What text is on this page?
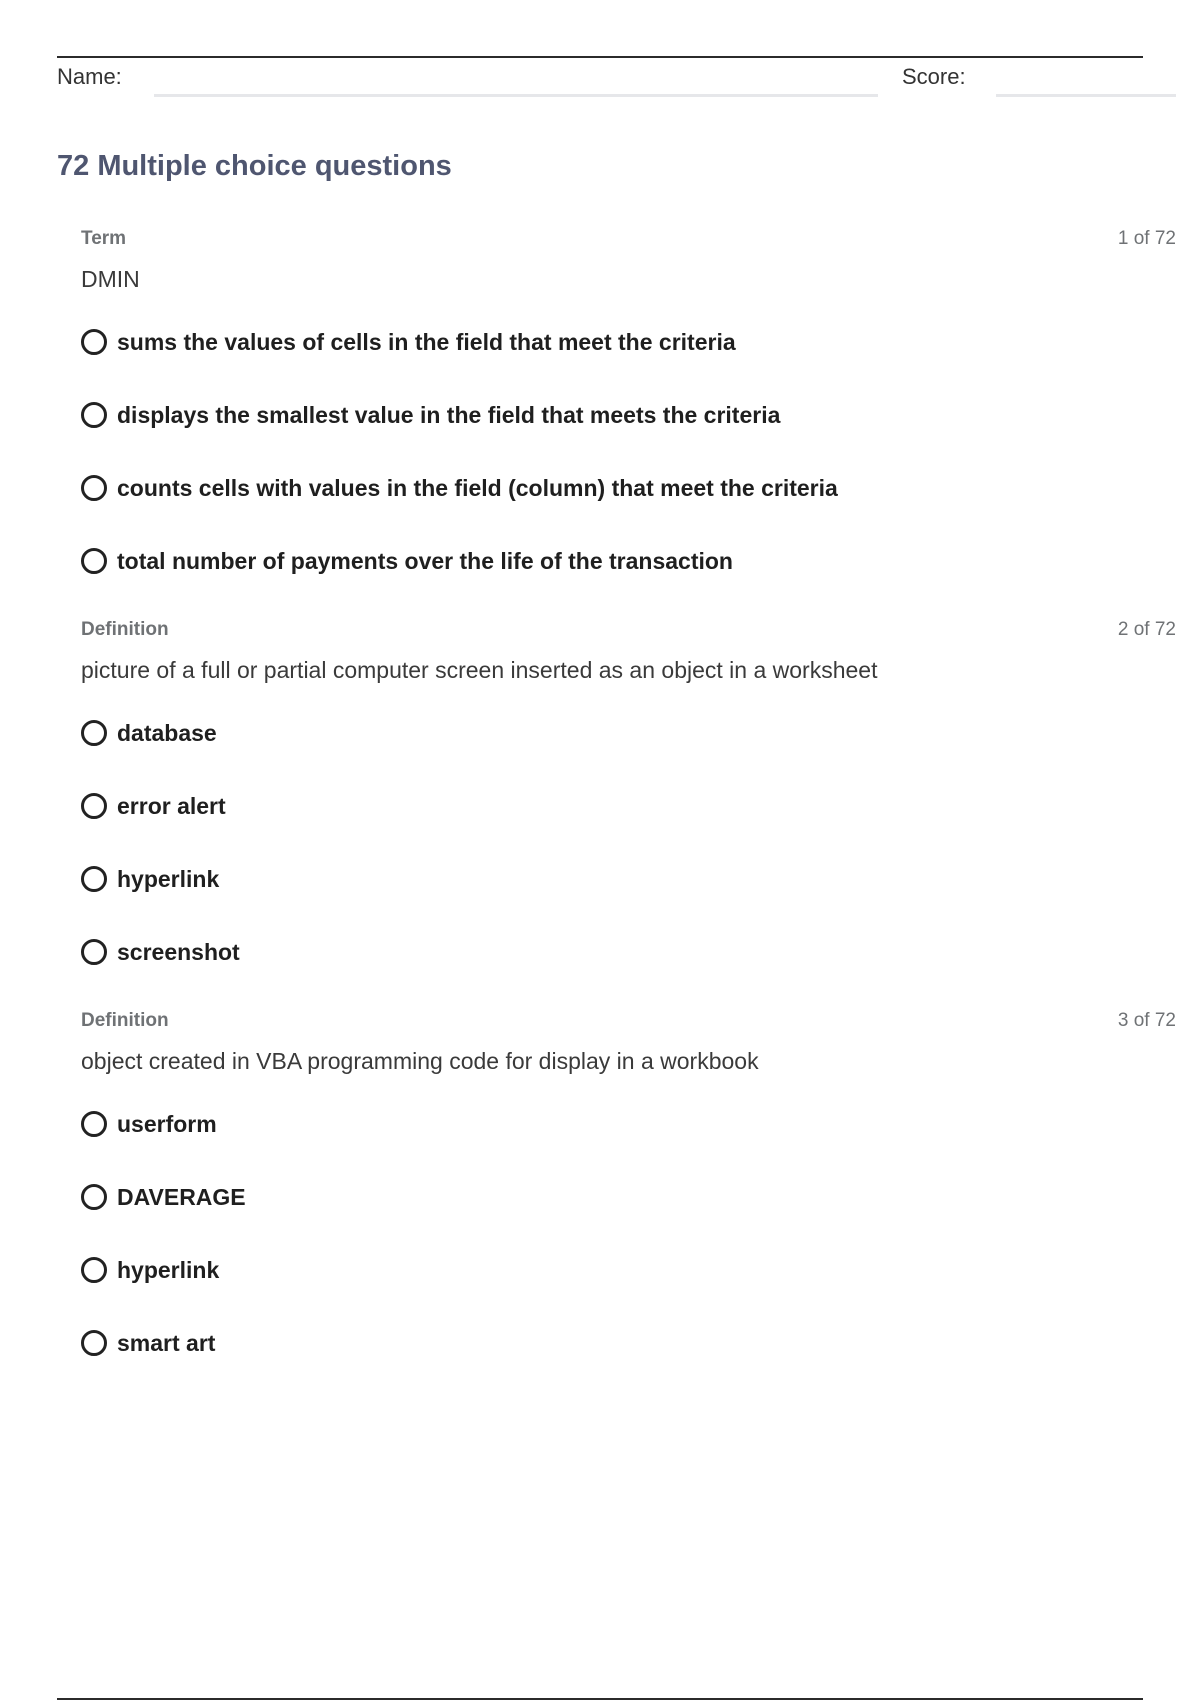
Name:	Score:
72 Multiple choice questions
Term	1 of 72
DMIN
sums the values of cells in the field that meet the criteria
displays the smallest value in the field that meets the criteria
counts cells with values in the field (column) that meet the criteria
total number of payments over the life of the transaction
Definition	2 of 72
picture of a full or partial computer screen inserted as an object in a worksheet
database
error alert
hyperlink
screenshot
Definition	3 of 72
object created in VBA programming code for display in a workbook
userform
DAVERAGE
hyperlink
smart art
